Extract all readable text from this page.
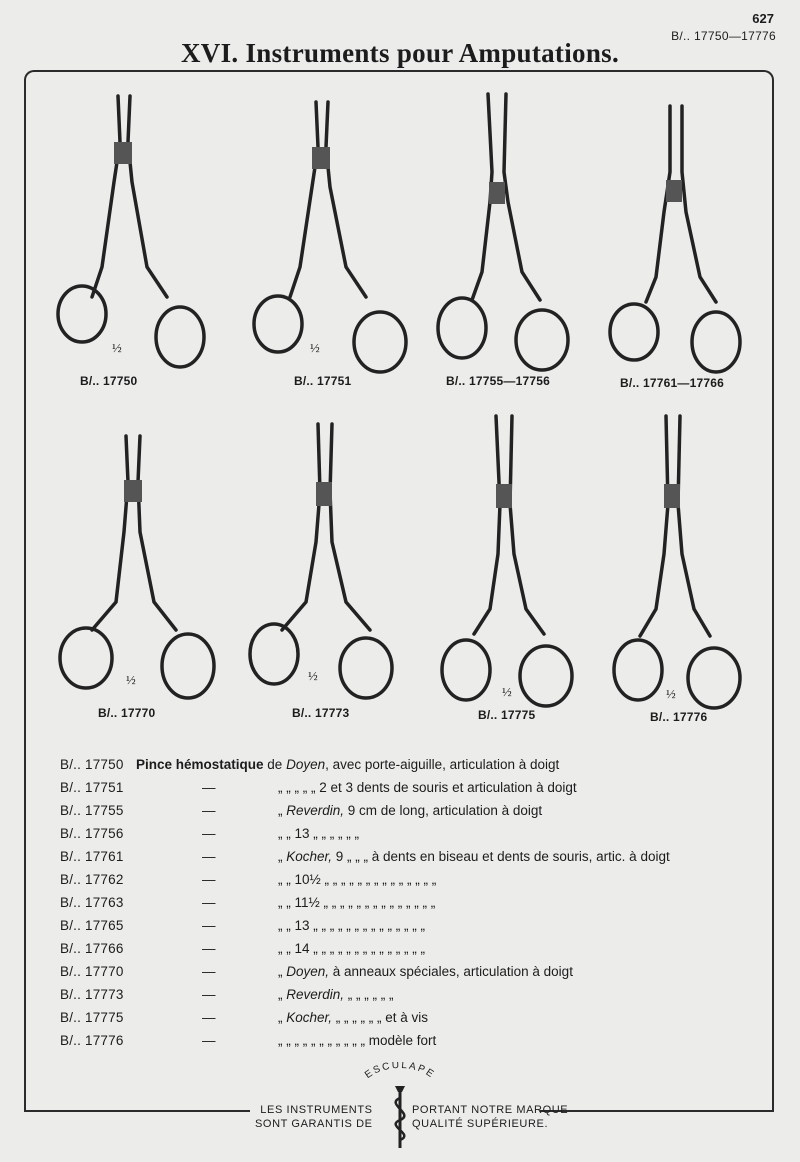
627
B/.. 17750—17776
XVI. Instruments pour Amputations.
½
B/.. 17750
½
B/.. 17751	B/.. 17755—17756	B/.. 17761—17766
½
B/.. 17770
½
B/.. 17773
½
B/.. 17775
½
B/.. 17776
B/.. 17750 Pince hémostatique de Doyen, avec porte-aiguille, articulation à doigt
B/.. 17751	—	„ „ „ „ „ 2 et 3 dents de souris et articulation à doigt
B/.. 17755	—	„ Reverdin, 9 cm de long, articulation à doigt
B/.. 17756	—	„ „ 13 „ „ „ „ „ „
B/.. 17761	—	„ Kocher, 9 „ „ „ à dents en biseau et dents de souris, artic. à doigt
B/.. 17762	—	„ „ 10½ „ „ „ „ „ „ „ „ „ „ „ „ „ „
B/.. 17763	—	„ „ 11½ „ „ „ „ „ „ „ „ „ „ „ „ „ „
B/.. 17765	—	„ „ 13 „ „ „ „ „ „ „ „ „ „ „ „ „ „
B/.. 17766	—	„ „ 14 „ „ „ „ „ „ „ „ „ „ „ „ „ „
B/.. 17770	—	„ Doyen, à anneaux spéciales, articulation à doigt
B/.. 17773	—	„ Reverdin, „ „ „ „ „ „
B/.. 17775	—	„ Kocher, „ „ „ „ „ „ et à vis
B/.. 17776	—	„ „ „ „ „ „ „ „ „ „ „ modèle fort
LES INSTRUMENTS
SONT GARANTIS DE
PORTANT NOTRE MARQUE
QUALITÉ SUPÉRIEURE.
ESCULAPE
